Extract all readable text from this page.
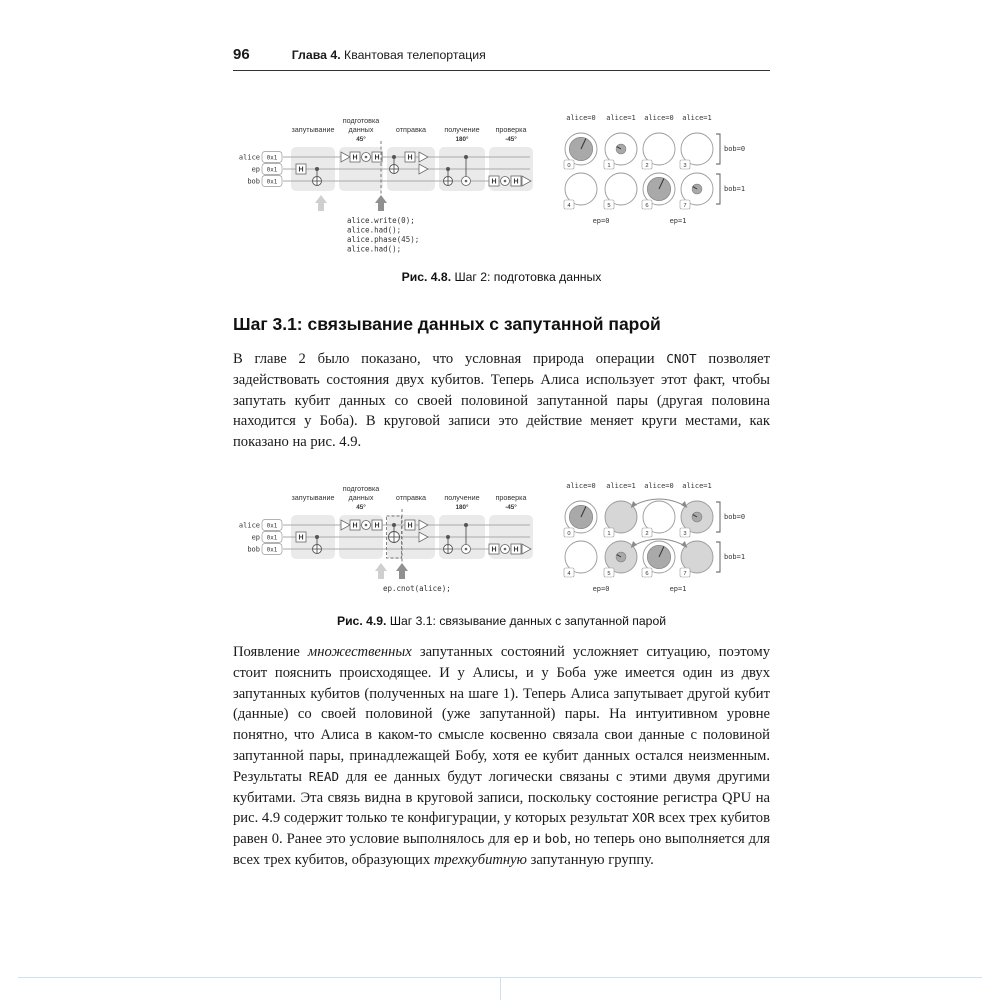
96	Глава 4. Квантовая телепортация
запутывание
подготовка
данных
45°
отправка	получение
180°
проверка
-45°
alice 0x1
ep 0x1
bob 0x1
H
H H	H
H H
alice.write(0);
alice.had();
alice.phase(45);
alice.had();
alice=0 alice=1 alice=0 alice=1
0	1	2	3
4	5	6	7
bob=0
bob=1
ep=0	ep=1
Рис. 4.8. Шаг 2: подготовка данных
Шаг 3.1: связывание данных с запутанной парой

В главе 2 было показано, что условная природа операции CNOT позволяет задействовать состояния двух кубитов. Теперь Алиса использует этот факт, чтобы запутать кубит данных со своей половиной запутанной пары (другая половина находится у Боба). В круговой записи это действие меняет круги местами, как показано на рис. 4.9.

запутывание
подготовка
данных
45°
отправка	получение
180°
проверка
-45°
alice 0x1
ep 0x1
bob 0x1
H
H H	H
H H
ep.cnot(alice);
alice=0 alice=1 alice=0 alice=1
0	1	2	3
4	5	6	7
bob=0
bob=1
ep=0	ep=1
Рис. 4.9. Шаг 3.1: связывание данных с запутанной парой

Появление множественных запутанных состояний усложняет ситуацию, поэтому стоит пояснить происходящее. И у Алисы, и у Боба уже имеется один из двух запутанных кубитов (полученных на шаге 1). Теперь Алиса запутывает другой кубит (данные) со своей половиной (уже запутанной) пары. На интуитивном уровне понятно, что Алиса в каком-то смысле косвенно связала свои данные с половиной запутанной пары, принадлежащей Бобу, хотя ее кубит данных остался неизменным. Результаты READ для ее данных будут логически связаны с этими двумя другими кубитами. Эта связь видна в круговой записи, поскольку состояние регистра QPU на рис. 4.9 содержит только те конфигурации, у которых результат XOR всех трех кубитов равен 0. Ранее это условие выполнялось для ep и bob, но теперь оно выполняется для всех трех кубитов, образующих трехкубитную запутанную группу.
